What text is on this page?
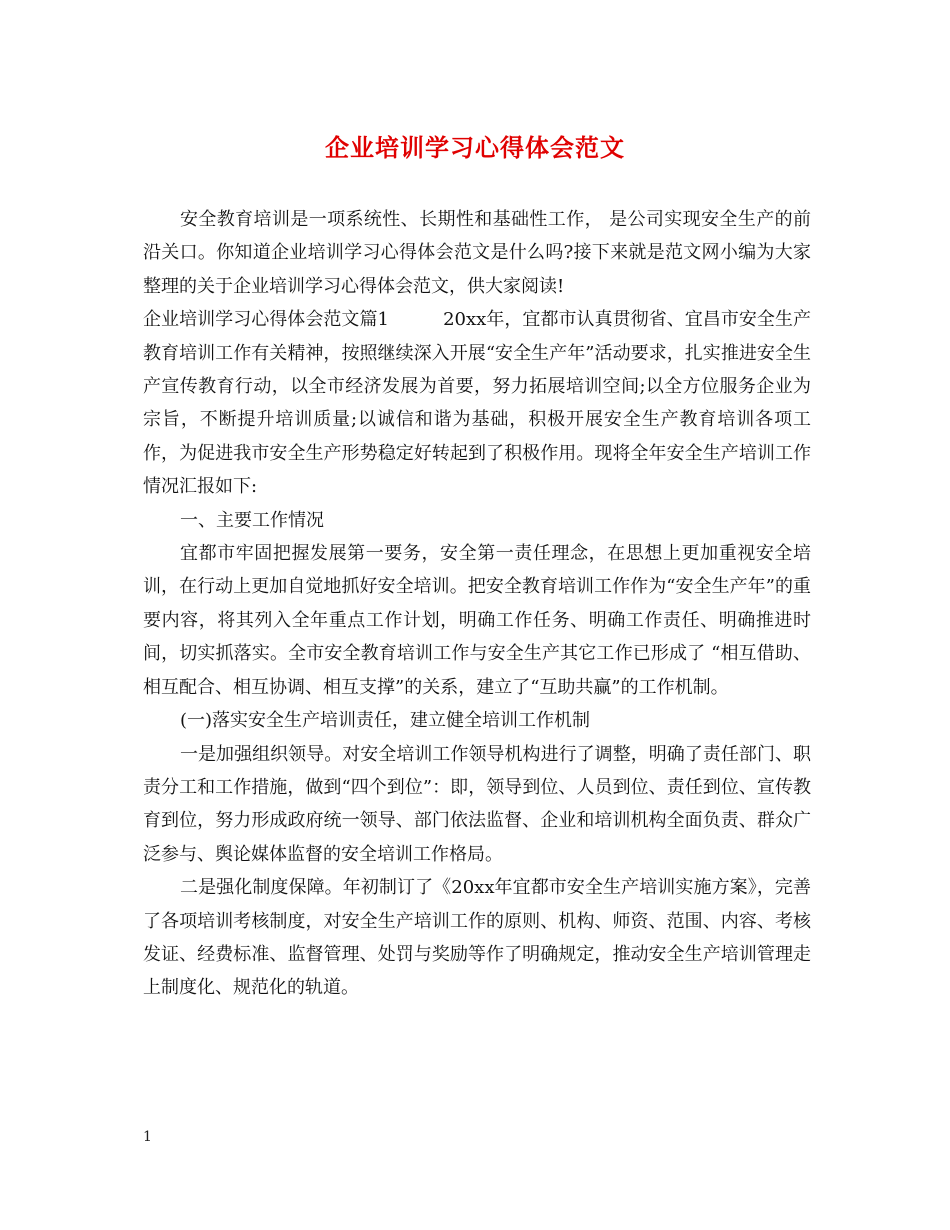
企业培训学习心得体会范文

安全教育培训是一项系统性、长期性和基础性工作， 是公司实现安全生产的前沿关口。你知道企业培训学习心得体会范文是什么吗?接下来就是范文网小编为大家整理的关于企业培训学习心得体会范文，供大家阅读!

企业培训学习心得体会范文篇1　　　20xx年，宜都市认真贯彻省、宜昌市安全生产教育培训工作有关精神，按照继续深入开展“安全生产年”活动要求，扎实推进安全生产宣传教育行动，以全市经济发展为首要，努力拓展培训空间;以全方位服务企业为宗旨，不断提升培训质量;以诚信和谐为基础，积极开展安全生产教育培训各项工作，为促进我市安全生产形势稳定好转起到了积极作用。现将全年安全生产培训工作情况汇报如下:

一、主要工作情况

宜都市牢固把握发展第一要务，安全第一责任理念，在思想上更加重视安全培训，在行动上更加自觉地抓好安全培训。把安全教育培训工作作为“安全生产年”的重要内容，将其列入全年重点工作计划，明确工作任务、明确工作责任、明确推进时间，切实抓落实。全市安全教育培训工作与安全生产其它工作已形成了 “相互借助、相互配合、相互协调、相互支撑”的关系，建立了“互助共赢”的工作机制。

(一)落实安全生产培训责任，建立健全培训工作机制

一是加强组织领导。对安全培训工作领导机构进行了调整，明确了责任部门、职责分工和工作措施，做到“四个到位”：即，领导到位、人员到位、责任到位、宣传教育到位，努力形成政府统一领导、部门依法监督、企业和培训机构全面负责、群众广泛参与、舆论媒体监督的安全培训工作格局。

二是强化制度保障。年初制订了《20xx年宜都市安全生产培训实施方案》，完善了各项培训考核制度，对安全生产培训工作的原则、机构、师资、范围、内容、考核发证、经费标准、监督管理、处罚与奖励等作了明确规定，推动安全生产培训管理走上制度化、规范化的轨道。

1
